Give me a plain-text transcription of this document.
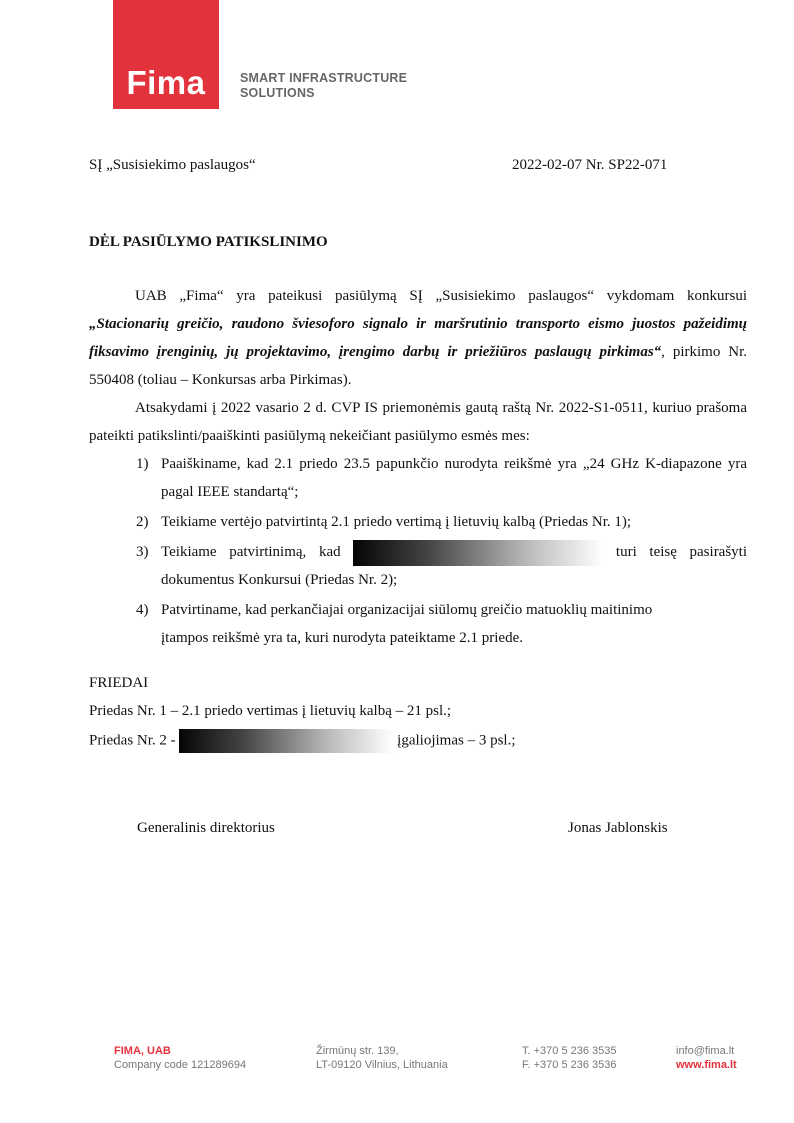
Fima	SMART INFRASTRUCTURE
SOLUTIONS
SĮ „Susisiekimo paslaugos“	2022-02-07 Nr. SP22-071
DĖL PASIŪLYMO PATIKSLINIMO
UAB „Fima“ yra pateikusi pasiūlymą SĮ „Susisiekimo paslaugos“ vykdomam konkursui „Stacionarių greičio, raudono šviesoforo signalo ir maršrutinio transporto eismo juostos pažeidimų fiksavimo įrenginių, jų projektavimo, įrengimo darbų ir priežiūros paslaugų pirkimas“, pirkimo Nr. 550408 (toliau – Konkursas arba Pirkimas).
Atsakydami į 2022 vasario 2 d. CVP IS priemonėmis gautą raštą Nr. 2022-S1-0511, kuriuo prašoma pateikti patikslinti/paaiškinti pasiūlymą nekeičiant pasiūlymo esmės mes:
1) Paaiškiname, kad 2.1 priedo 23.5 papunkčio nurodyta reikšmė yra „24 GHz K-diapazone yra pagal IEEE standartą“;
2) Teikiame vertėjo patvirtintą 2.1 priedo vertimą į lietuvių kalbą (Priedas Nr. 1);
3) Teikiame patvirtinimą, kad	turi teisę pasirašyti dokumentus Konkursui (Priedas Nr. 2);
4) Patvirtiname, kad perkančiajai organizacijai siūlomų greičio matuoklių maitinimo
įtampos reikšmė yra ta, kuri nurodyta pateiktame 2.1 priede.
FRIEDAI
Priedas Nr. 1 – 2.1 priedo vertimas į lietuvių kalbą – 21 psl.;
Priedas Nr. 2 -	įgaliojimas – 3 psl.;
Generalinis direktorius	Jonas Jablonskis
FIMA, UAB
Company code 121289694
Žirmūnų str. 139,
LT-09120 Vilnius, Lithuania
T. +370 5 236 3535
F. +370 5 236 3536
info@fima.lt
www.fima.lt
